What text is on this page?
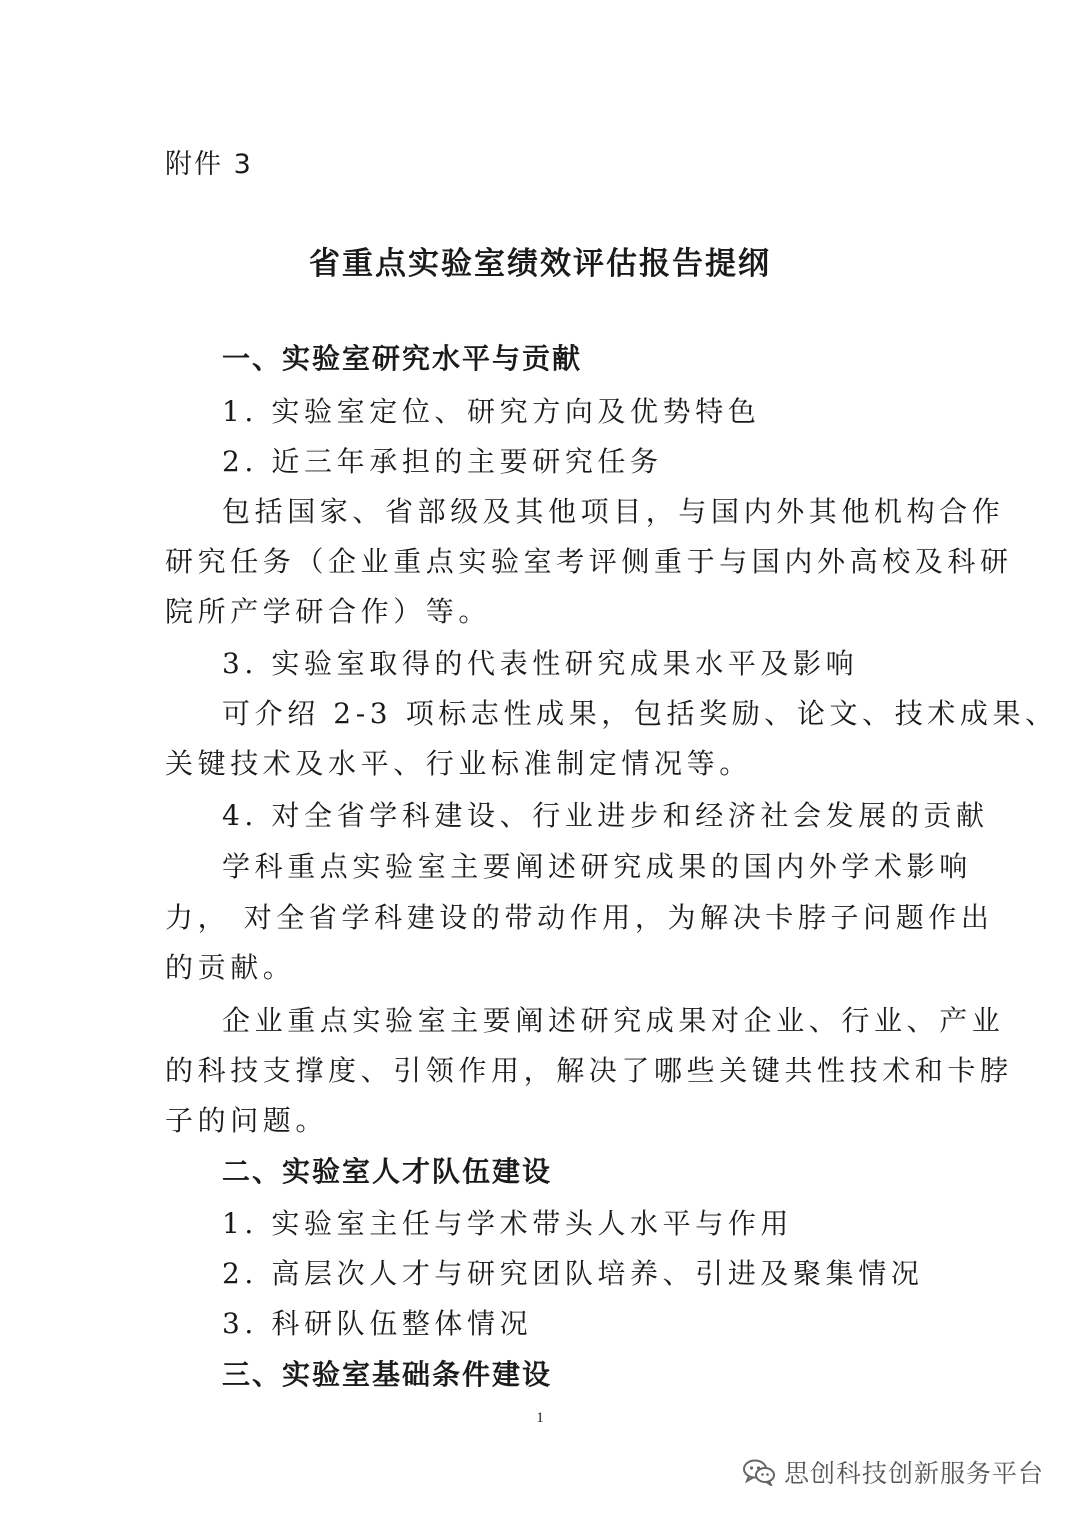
附件 3
省重点实验室绩效评估报告提纲
一、实验室研究水平与贡献
1. 实验室定位、研究方向及优势特色
2. 近三年承担的主要研究任务
包括国家、省部级及其他项目，与国内外其他机构合作
研究任务（企业重点实验室考评侧重于与国内外高校及科研
院所产学研合作）等。
3. 实验室取得的代表性研究成果水平及影响
可介绍 2-3 项标志性成果，包括奖励、论文、技术成果、
关键技术及水平、行业标准制定情况等。
4. 对全省学科建设、行业进步和经济社会发展的贡献
学科重点实验室主要阐述研究成果的国内外学术影响
力， 对全省学科建设的带动作用，为解决卡脖子问题作出
的贡献。
企业重点实验室主要阐述研究成果对企业、行业、产业
的科技支撑度、引领作用，解决了哪些关键共性技术和卡脖
子的问题。
二、实验室人才队伍建设
1. 实验室主任与学术带头人水平与作用
2. 高层次人才与研究团队培养、引进及聚集情况
3. 科研队伍整体情况
三、实验室基础条件建设
1
思创科技创新服务平台
